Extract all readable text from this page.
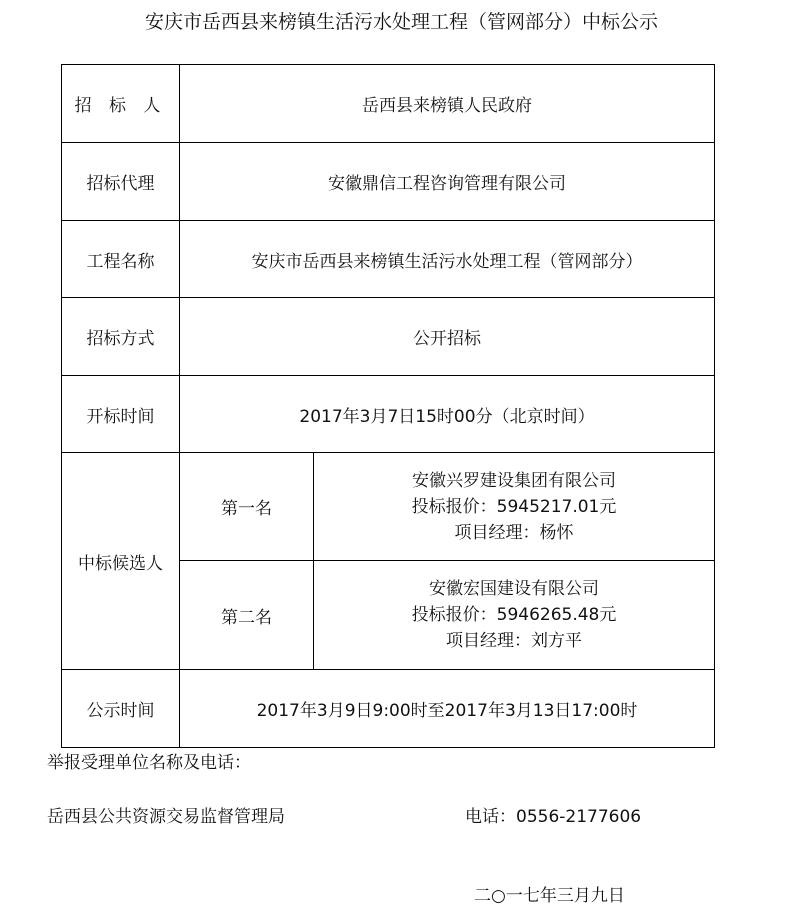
安庆市岳西县来榜镇生活污水处理工程（管网部分）中标公示
招 标 人	岳西县来榜镇人民政府	
招标代理	安徽鼎信工程咨询管理有限公司	
工程名称	安庆市岳西县来榜镇生活污水处理工程（管网部分）	
招标方式	公开招标	
开标时间	2017年3月7日15时00分（北京时间）	
中标候选人	第一名	安徽兴罗建设集团有限公司
投标报价：5945217.01元
项目经理：杨怀

	第二名	安徽宏国建设有限公司
投标报价：5946265.48元
项目经理：刘方平

公示时间	2017年3月9日9:00时至2017年3月13日17:00时	
举报受理单位名称及电话：
岳西县公共资源交易监督管理局	电话：0556-2177606
二○一七年三月九日
